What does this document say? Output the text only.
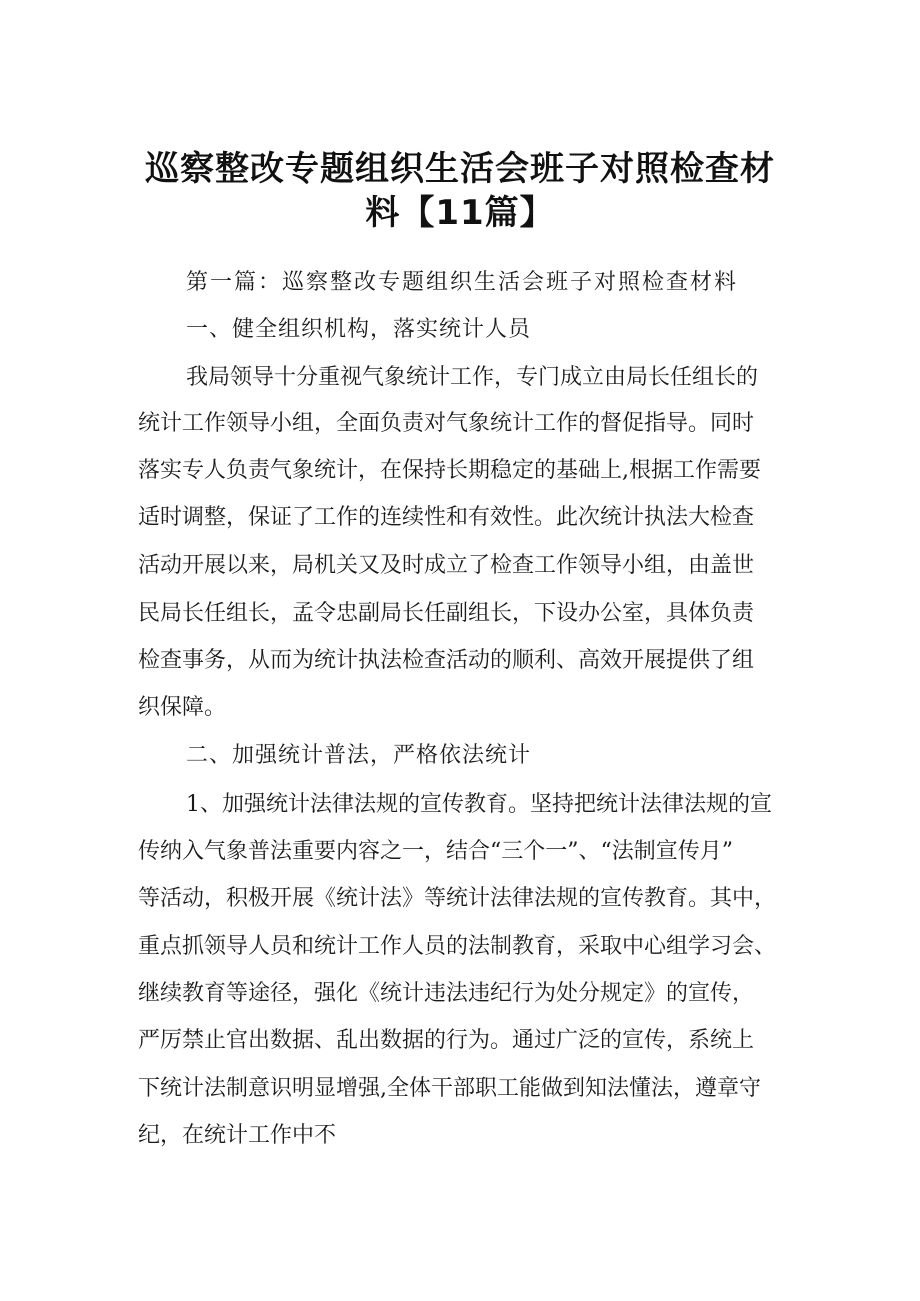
巡察整改专题组织生活会班子对照检查材
料【11篇】
第一篇：巡察整改专题组织生活会班子对照检查材料
一、健全组织机构，落实统计人员
我局领导十分重视气象统计工作，专门成立由局长任组长的
统计工作领导小组，全面负责对气象统计工作的督促指导。同时
落实专人负责气象统计，在保持长期稳定的基础上,根据工作需要
适时调整，保证了工作的连续性和有效性。此次统计执法大检查
活动开展以来，局机关又及时成立了检查工作领导小组，由盖世
民局长任组长，孟令忠副局长任副组长，下设办公室，具体负责
检查事务，从而为统计执法检查活动的顺利、高效开展提供了组
织保障。
二、加强统计普法，严格依法统计
1、加强统计法律法规的宣传教育。坚持把统计法律法规的宣
传纳入气象普法重要内容之一，结合“三个一”、“法制宣传月”
等活动，积极开展《统计法》等统计法律法规的宣传教育。其中，
重点抓领导人员和统计工作人员的法制教育，采取中心组学习会、
继续教育等途径，强化《统计违法违纪行为处分规定》的宣传，
严厉禁止官出数据、乱出数据的行为。通过广泛的宣传，系统上
下统计法制意识明显增强,全体干部职工能做到知法懂法，遵章守
纪，在统计工作中不
